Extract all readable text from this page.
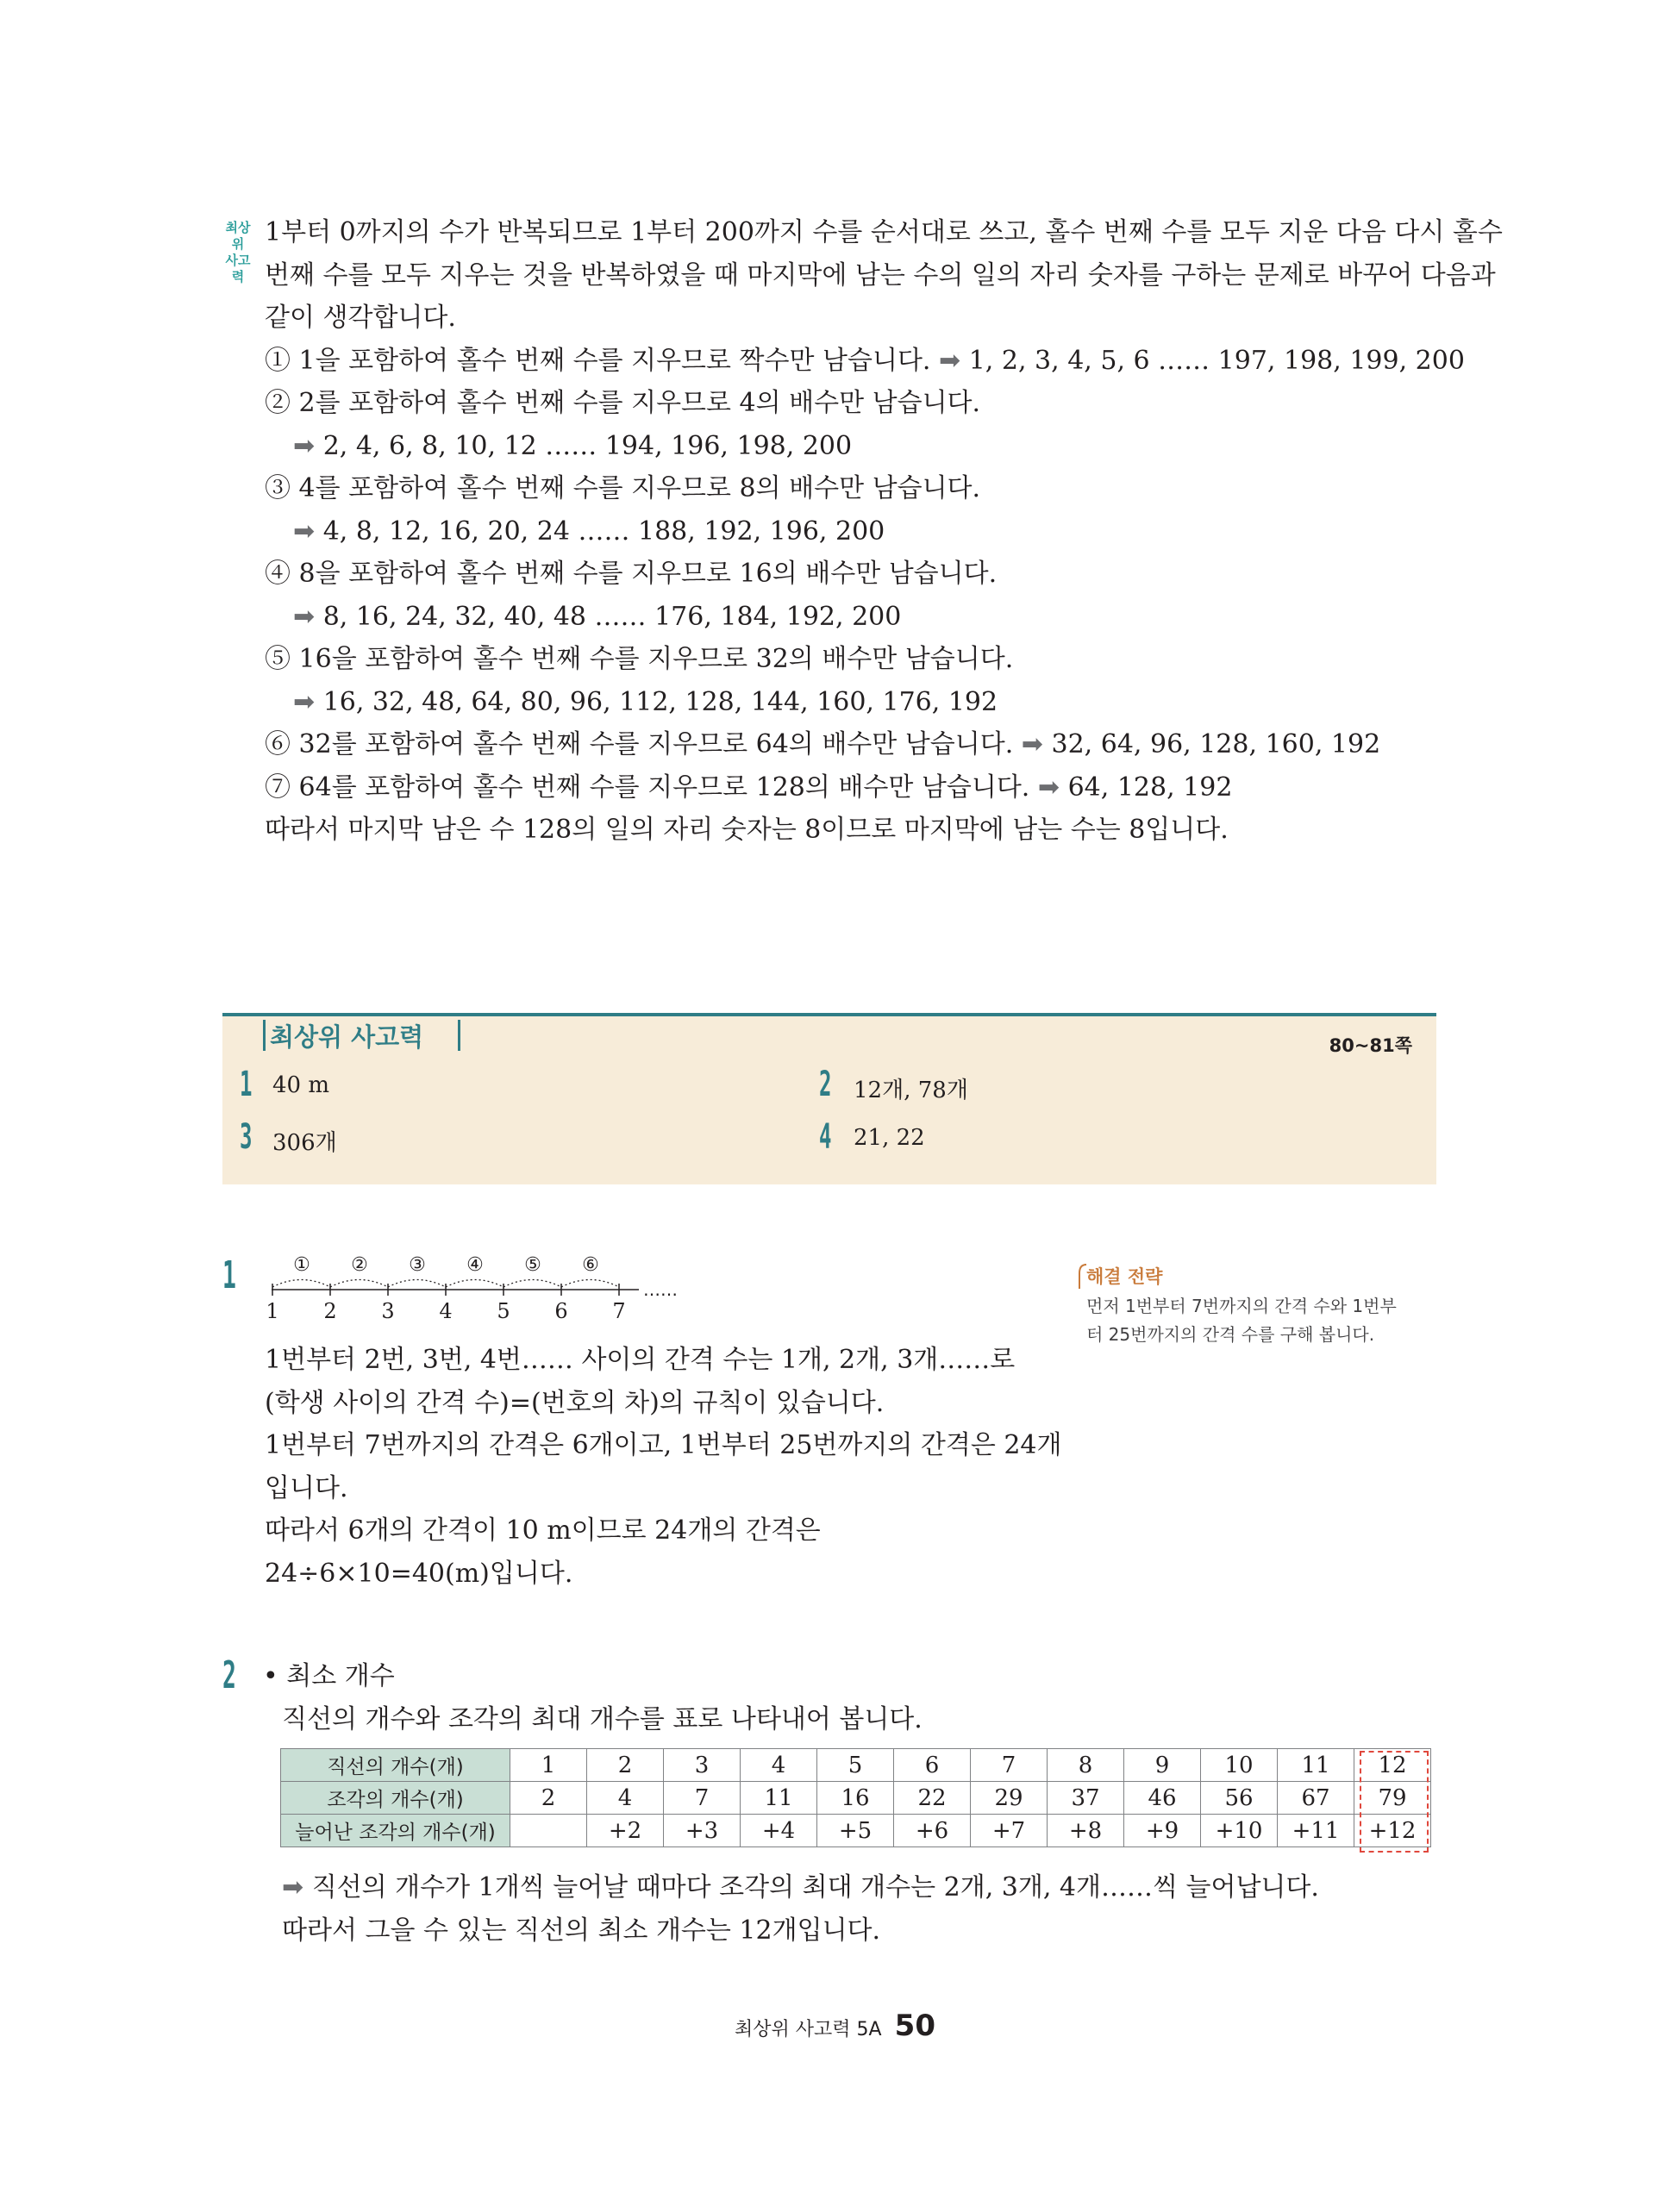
최상위
사고력
1부터 0까지의 수가 반복되므로 1부터 200까지 수를 순서대로 쓰고, 홀수 번째 수를 모두 지운 다음 다시 홀수
번째 수를 모두 지우는 것을 반복하였을 때 마지막에 남는 수의 일의 자리 숫자를 구하는 문제로 바꾸어 다음과
같이 생각합니다.
① 1을 포함하여 홀수 번째 수를 지우므로 짝수만 남습니다. ➡ 1, 2, 3, 4, 5, 6 …… 197, 198, 199, 200
② 2를 포함하여 홀수 번째 수를 지우므로 4의 배수만 남습니다.
➡ 2, 4, 6, 8, 10, 12 …… 194, 196, 198, 200
③ 4를 포함하여 홀수 번째 수를 지우므로 8의 배수만 남습니다.
➡ 4, 8, 12, 16, 20, 24 …… 188, 192, 196, 200
④ 8을 포함하여 홀수 번째 수를 지우므로 16의 배수만 남습니다.
➡ 8, 16, 24, 32, 40, 48 …… 176, 184, 192, 200
⑤ 16을 포함하여 홀수 번째 수를 지우므로 32의 배수만 남습니다.
➡ 16, 32, 48, 64, 80, 96, 112, 128, 144, 160, 176, 192
⑥ 32를 포함하여 홀수 번째 수를 지우므로 64의 배수만 남습니다. ➡ 32, 64, 96, 128, 160, 192
⑦ 64를 포함하여 홀수 번째 수를 지우므로 128의 배수만 남습니다. ➡ 64, 128, 192
따라서 마지막 남은 수 128의 일의 자리 숫자는 8이므로 마지막에 남는 수는 8입니다.
최상위 사고력	80~81쪽
1 40 m	2 12개, 78개
3 306개	4 21, 22
1	① ② ③ ④ ⑤ ⑥
1 2 3 4 5 6 7
……
1번부터 2번, 3번, 4번…… 사이의 간격 수는 1개, 2개, 3개……로
(학생 사이의 간격 수)=(번호의 차)의 규칙이 있습니다.
1번부터 7번까지의 간격은 6개이고, 1번부터 25번까지의 간격은 24개
입니다.
따라서 6개의 간격이 10 m이므로 24개의 간격은
24÷6×10=40(m)입니다.
해결 전략
먼저 1번부터 7번까지의 간격 수와 1번부
터 25번까지의 간격 수를 구해 봅니다.
2 • 최소 개수
직선의 개수와 조각의 최대 개수를 표로 나타내어 봅니다.
직선의 개수(개)	1	2	3	4	5	6	7	8	9	10	11	12
조각의 개수(개)	2	4	7	11	16	22	29	37	46	56	67	79
늘어난 조각의 개수(개)		+2	+3	+4	+5	+6	+7	+8	+9	+10	+11	+12
➡ 직선의 개수가 1개씩 늘어날 때마다 조각의 최대 개수는 2개, 3개, 4개……씩 늘어납니다.
따라서 그을 수 있는 직선의 최소 개수는 12개입니다.
최상위 사고력 5A 50
